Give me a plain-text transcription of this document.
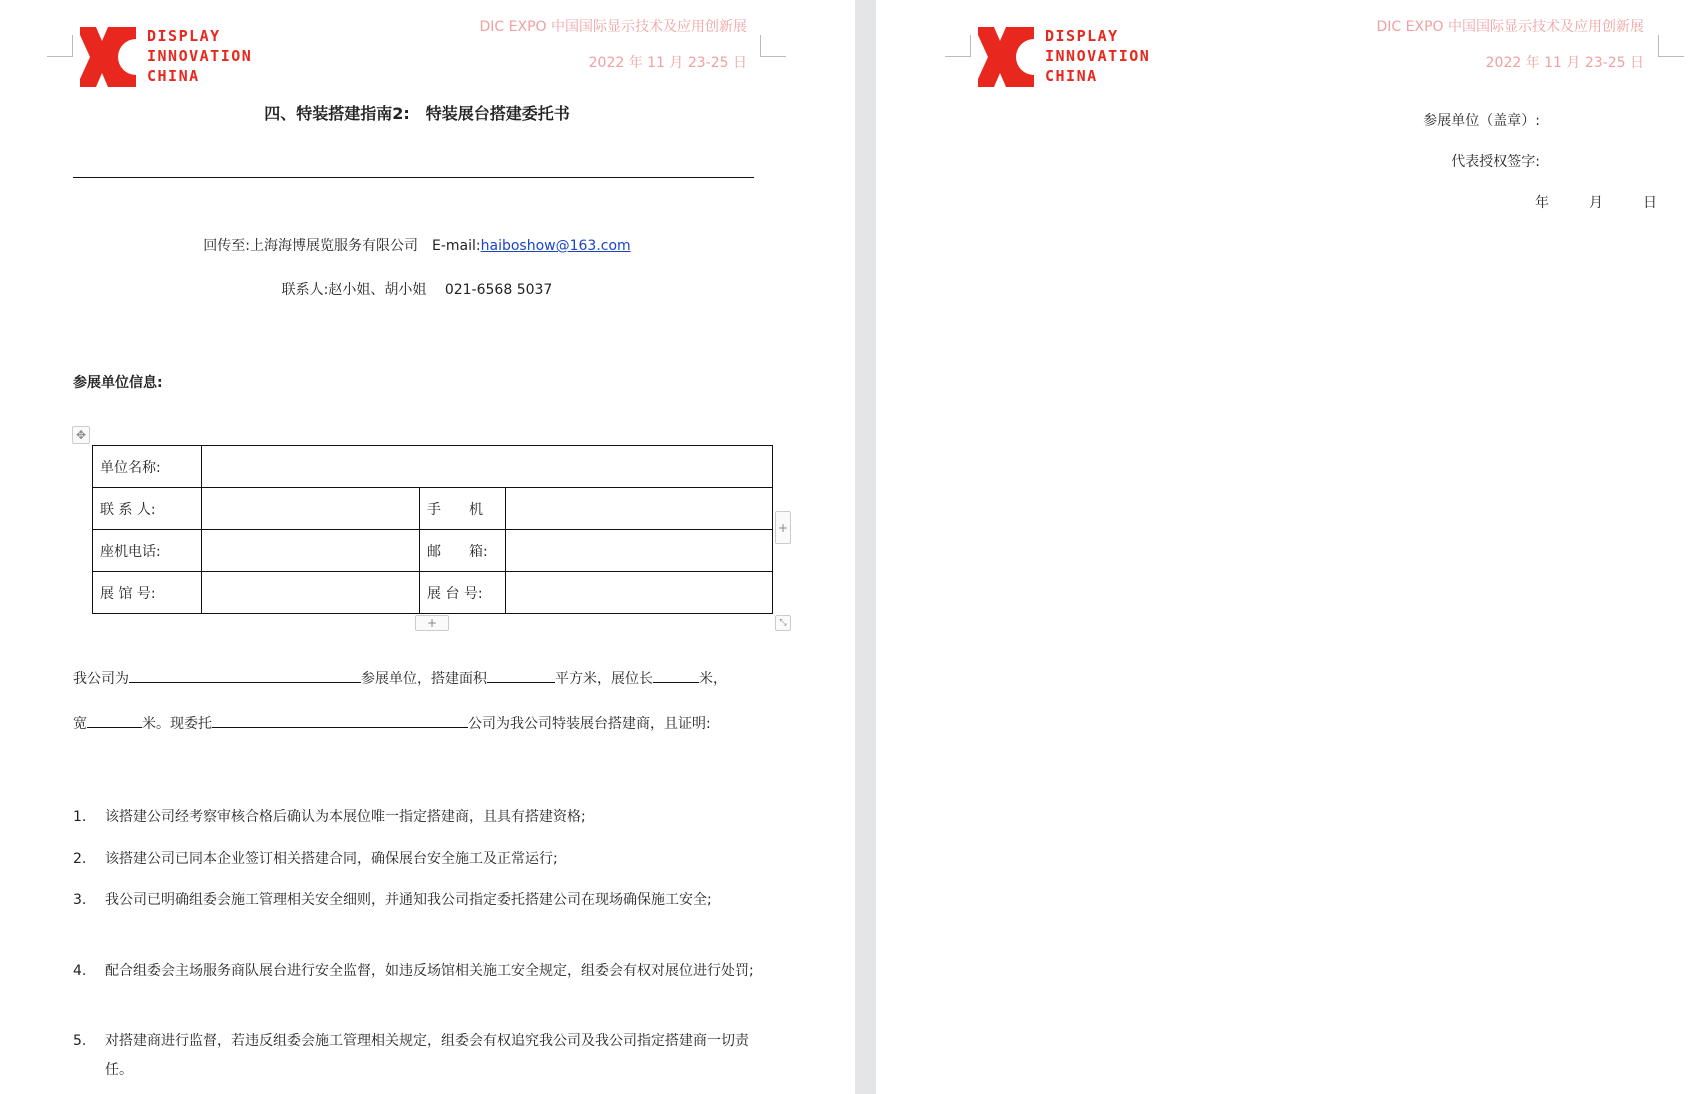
DISPLAY
INNOVATION
CHINA
DIC EXPO 中国国际显示技术及应用创新展
2022 年 11 月 23-25 日
四、特装搭建指南2:　特装展台搭建委托书
回传至:上海海博展览服务有限公司　E-mail:haiboshow@163.com
联系人:赵小姐、胡小姐　 021-6568 5037
参展单位信息:
✥
单位名称:			
联 系 人:		手　　机	
座机电话:		邮　　箱:	
展 馆 号:		展 台 号:	
+
+	⤡
我公司为	参展单位，搭建面积	平方米，展位长	米，
宽	米。现委托	公司为我公司特装展台搭建商，且证明:
1. 该搭建公司经考察审核合格后确认为本展位唯一指定搭建商，且具有搭建资格;
2. 该搭建公司已同本企业签订相关搭建合同，确保展台安全施工及正常运行;
3. 我公司已明确组委会施工管理相关安全细则，并通知我公司指定委托搭建公司在现场确保施工安全;
4. 配合组委会主场服务商队展台进行安全监督，如违反场馆相关施工安全规定，组委会有权对展位进行处罚;
5. 对搭建商进行监督，若违反组委会施工管理相关规定，组委会有权追究我公司及我公司指定搭建商一切责任。
DISPLAY
INNOVATION
CHINA
DIC EXPO 中国国际显示技术及应用创新展
2022 年 11 月 23-25 日
参展单位（盖章）:
代表授权签字:
年	月	日
